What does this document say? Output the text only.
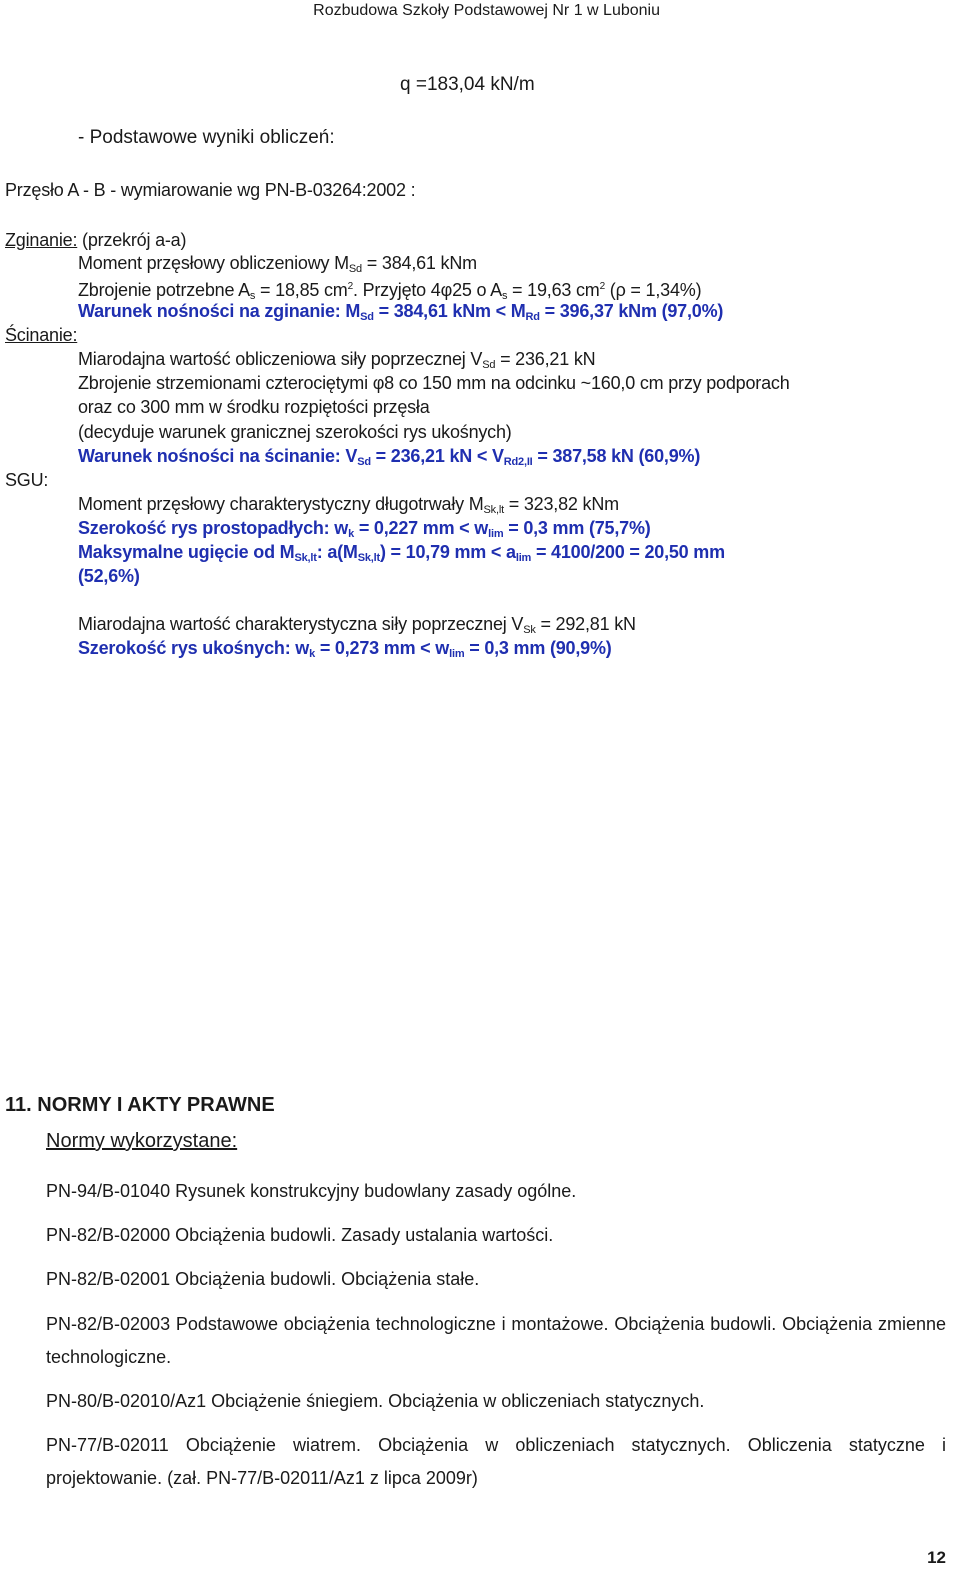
Rozbudowa Szkoły Podstawowej Nr 1 w Luboniu
q =183,04 kN/m
- Podstawowe wyniki obliczeń:
Przęsło A - B - wymiarowanie wg PN-B-03264:2002 :
Zginanie: (przekrój a-a)
Moment przęsłowy obliczeniowy $M_{Sd} = 384,61$ kNm
Zbrojenie potrzebne $A_s = 18,85$ $cm^2$. Przyjęto 4φ25 o $A_s = 19,63$ $cm^2$ (ρ = 1,34%)
Warunek nośności na zginanie: $M_{Sd} = 384,61$ kNm < $M_{Rd} = 396,37$ kNm (97,0%)
Ścinanie:
Miarodajna wartość obliczeniowa siły poprzecznej $V_{Sd} = 236,21$ kN
Zbrojenie strzemionami czterociętymi φ8 co 150 mm na odcinku ~160,0 cm przy podporach
oraz co 300 mm w środku rozpiętości przęsła
(decyduje warunek granicznej szerokości rys ukośnych)
Warunek nośności na ścinanie: $V_{Sd} = 236,21$ kN < $V_{Rd2,II} = 387,58$ kN (60,9%)
SGU:
Moment przęsłowy charakterystyczny długotrwały $M_{Sk,lt} = 323,82$ kNm
Szerokość rys prostopadłych: $w_k = 0,227$ mm < $w_{lim} = 0,3$ mm (75,7%)
Maksymalne ugięcie od $M_{Sk,lt}$: $a(M_{Sk,lt}) = 10,79$ mm < $a_{lim} = 4100/200 = 20,50$ mm
(52,6%)
Miarodajna wartość charakterystyczna siły poprzecznej $V_{Sk} = 292,81$ kN
Szerokość rys ukośnych: $w_k = 0,273$ mm < $w_{lim} = 0,3$ mm (90,9%)
11. NORMY I AKTY PRAWNE
Normy wykorzystane:
PN-94/B-01040 Rysunek konstrukcyjny budowlany zasady ogólne.
PN-82/B-02000 Obciążenia budowli. Zasady ustalania wartości.
PN-82/B-02001 Obciążenia budowli. Obciążenia stałe.
PN-82/B-02003 Podstawowe obciążenia technologiczne i montażowe. Obciążenia budowli. Obciążenia zmienne technologiczne.
PN-80/B-02010/Az1 Obciążenie śniegiem. Obciążenia w obliczeniach statycznych.
PN-77/B-02011 Obciążenie wiatrem. Obciążenia w obliczeniach statycznych. Obliczenia statyczne i projektowanie. (zał. PN-77/B-02011/Az1 z lipca 2009r)
12
